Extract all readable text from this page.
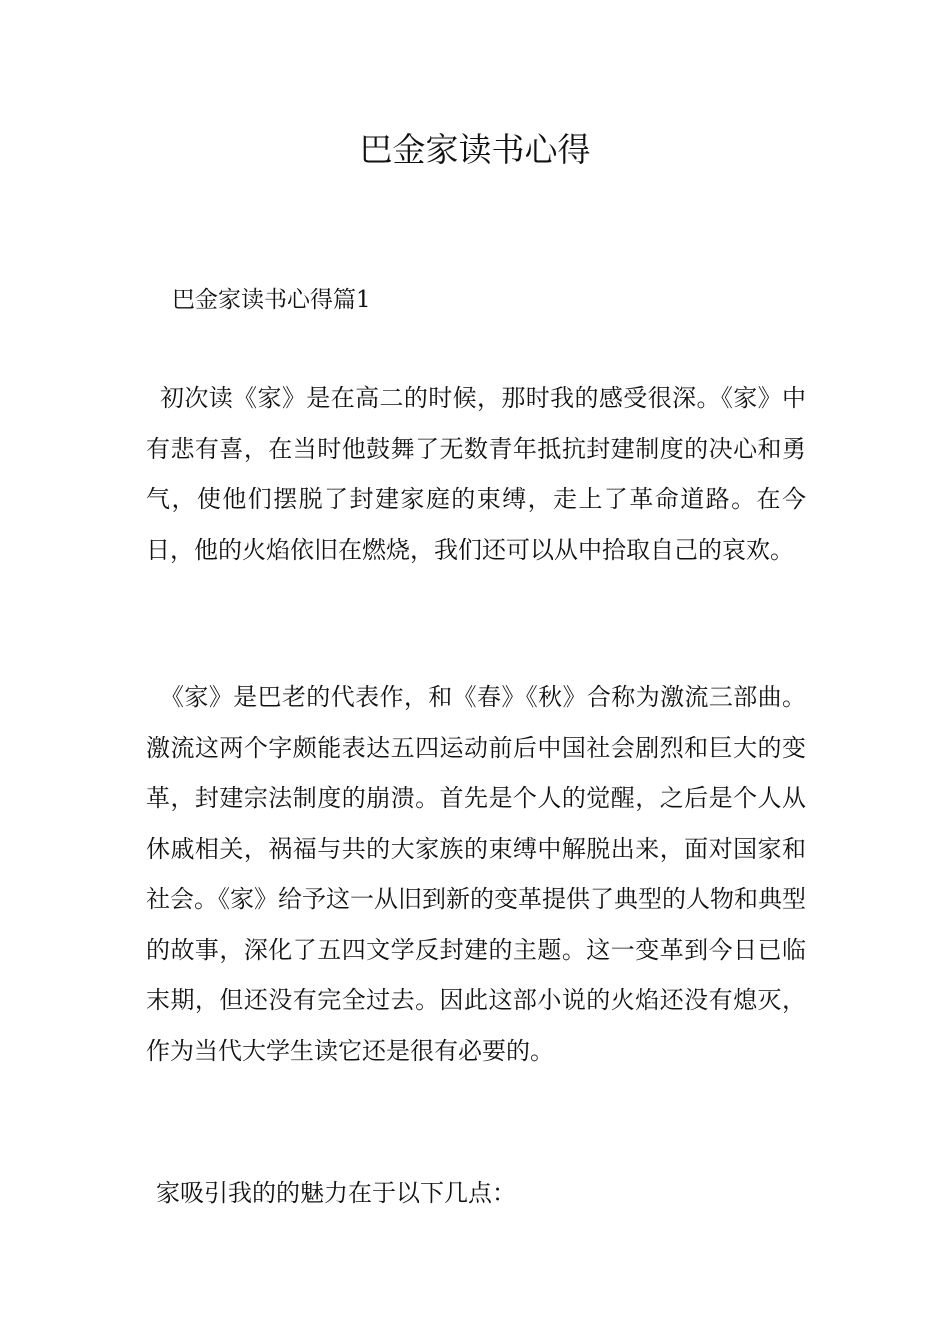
巴金家读书心得

巴金家读书心得篇1

初次读《家》是在高二的时候，那时我的感受很深。《家》中有悲有喜，在当时他鼓舞了无数青年抵抗封建制度的决心和勇气，使他们摆脱了封建家庭的束缚，走上了革命道路。在今日，他的火焰依旧在燃烧，我们还可以从中拾取自己的哀欢。

《家》是巴老的代表作，和《春》《秋》合称为激流三部曲。激流这两个字颇能表达五四运动前后中国社会剧烈和巨大的变革，封建宗法制度的崩溃。首先是个人的觉醒，之后是个人从休戚相关，祸福与共的大家族的束缚中解脱出来，面对国家和社会。《家》给予这一从旧到新的变革提供了典型的人物和典型的故事，深化了五四文学反封建的主题。这一变革到今日已临末期，但还没有完全过去。因此这部小说的火焰还没有熄灭，作为当代大学生读它还是很有必要的。

家吸引我的的魅力在于以下几点：
